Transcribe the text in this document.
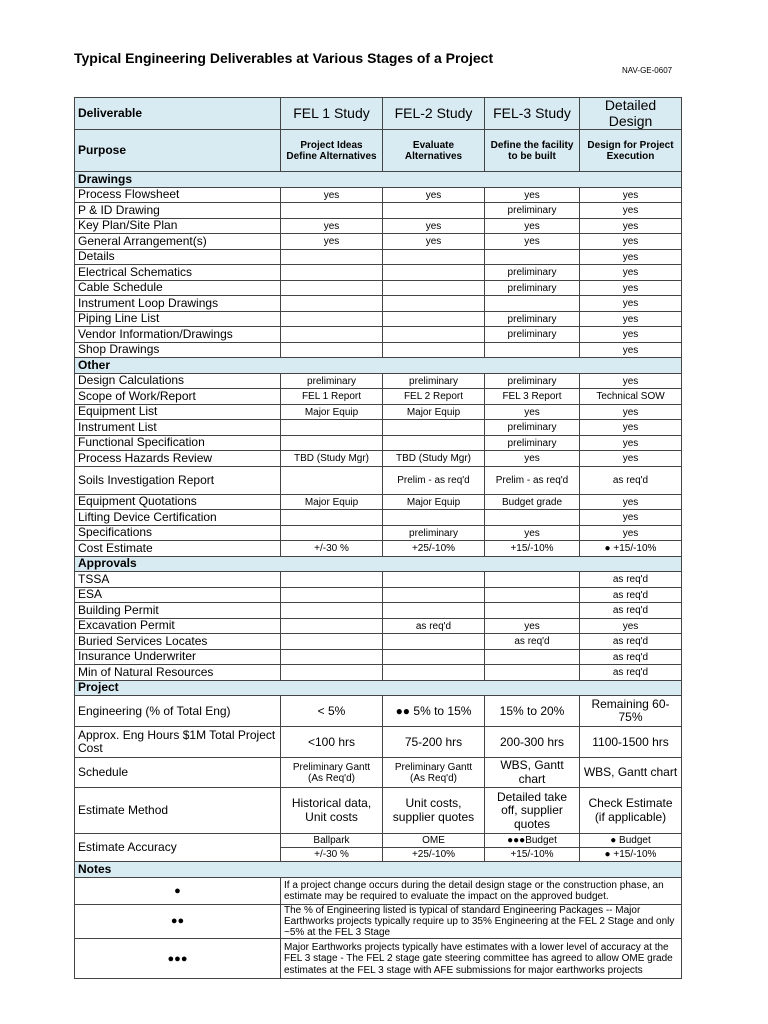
Typical Engineering Deliverables at Various Stages of a Project
NAV-GE-0607
Deliverable	FEL 1 Study	FEL-2 Study	FEL-3 Study	Detailed Design
Purpose	Project Ideas Define Alternatives	Evaluate Alternatives	Define the facility to be built	Design for Project Execution
Drawings				
Process Flowsheet	yes	yes	yes	yes
P & ID Drawing			preliminary	yes
Key Plan/Site Plan	yes	yes	yes	yes
General Arrangement(s)	yes	yes	yes	yes
Details				yes
Electrical Schematics			preliminary	yes
Cable Schedule			preliminary	yes
Instrument Loop Drawings				yes
Piping Line List			preliminary	yes
Vendor Information/Drawings			preliminary	yes
Shop Drawings				yes
Other				
Design Calculations	preliminary	preliminary	preliminary	yes
Scope of Work/Report	FEL 1 Report	FEL 2 Report	FEL 3 Report	Technical SOW
Equipment List	Major Equip	Major Equip	yes	yes
Instrument List			preliminary	yes
Functional Specification			preliminary	yes
Process Hazards Review	TBD (Study Mgr)	TBD (Study Mgr)	yes	yes
Soils Investigation Report		Prelim - as req'd	Prelim - as req'd	as req'd
Equipment Quotations	Major Equip	Major Equip	Budget grade	yes
Lifting Device Certification				yes
Specifications		preliminary	yes	yes
Cost Estimate	+/-30 %	+25/-10%	+15/-10%	● +15/-10%
Approvals				
TSSA				as req'd
ESA				as req'd
Building Permit				as req'd
Excavation Permit		as req'd	yes	yes
Buried Services Locates			as req'd	as req'd
Insurance Underwriter				as req'd
Min of Natural Resources				as req'd
Project				
Engineering (% of Total Eng)	< 5%	●● 5% to 15%	15% to 20%	Remaining 60-75%
Approx. Eng Hours $1M Total Project Cost	<100 hrs	75-200 hrs	200-300 hrs	1100-1500 hrs
Schedule	Preliminary Gantt (As Req'd)	Preliminary Gantt (As Req'd)	WBS, Gantt chart	WBS, Gantt chart
Estimate Method	Historical data, Unit costs	Unit costs, supplier quotes	Detailed take off, supplier quotes	Check Estimate (if applicable)
Estimate Accuracy	Ballpark	OME	●●●Budget	● Budget
	+/-30 %	+25/-10%	+15/-10%	● +15/-10%
Notes				
●	If a project change occurs during the detail design stage or the construction phase, an estimate may be required to evaluate the impact on the approved budget.			
●●	The % of Engineering listed is typical of standard Engineering Packages -- Major Earthworks projects typically require up to 35% Engineering at the FEL 2 Stage and only ~5% at the FEL 3 Stage			
●●●	Major Earthworks projects typically have estimates with a lower level of accuracy at the FEL 3 stage - The FEL 2 stage gate steering committee has agreed to allow OME grade estimates at the FEL 3 stage with AFE submissions for major earthworks projects			
